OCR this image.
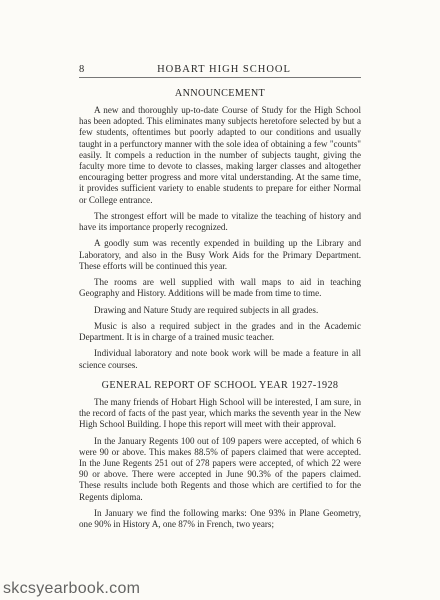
8	HOBART HIGH SCHOOL
ANNOUNCEMENT

A new and thoroughly up-to-date Course of Study for the High School has been adopted. This eliminates many subjects heretofore selected by but a few students, oftentimes but poorly adapted to our conditions and usually taught in a perfunctory manner with the sole idea of obtaining a few "counts" easily. It compels a reduction in the number of subjects taught, giving the faculty more time to devote to classes, making larger classes and altogether encouraging better progress and more vital understanding. At the same time, it provides sufficient variety to enable students to prepare for either Normal or College entrance.

The strongest effort will be made to vitalize the teaching of history and have its importance properly recognized.

A goodly sum was recently expended in building up the Library and Laboratory, and also in the Busy Work Aids for the Primary Department. These efforts will be continued this year.

The rooms are well supplied with wall maps to aid in teaching Geography and History. Additions will be made from time to time.

Drawing and Nature Study are required subjects in all grades.

Music is also a required subject in the grades and in the Academic Department. It is in charge of a trained music teacher.

Individual laboratory and note book work will be made a feature in all science courses.

GENERAL REPORT OF SCHOOL YEAR 1927-1928

The many friends of Hobart High School will be interested, I am sure, in the record of facts of the past year, which marks the seventh year in the New High School Building. I hope this report will meet with their approval.

In the January Regents 100 out of 109 papers were accepted, of which 6 were 90 or above. This makes 88.5% of papers claimed that were accepted. In the June Regents 251 out of 278 papers were accepted, of which 22 were 90 or above. There were accepted in June 90.3% of the papers claimed. These results include both Regents and those which are certified to for the Regents diploma.

In January we find the following marks: One 93% in Plane Geometry, one 90% in History A, one 87% in French, two years;

skcsyearbook.com
